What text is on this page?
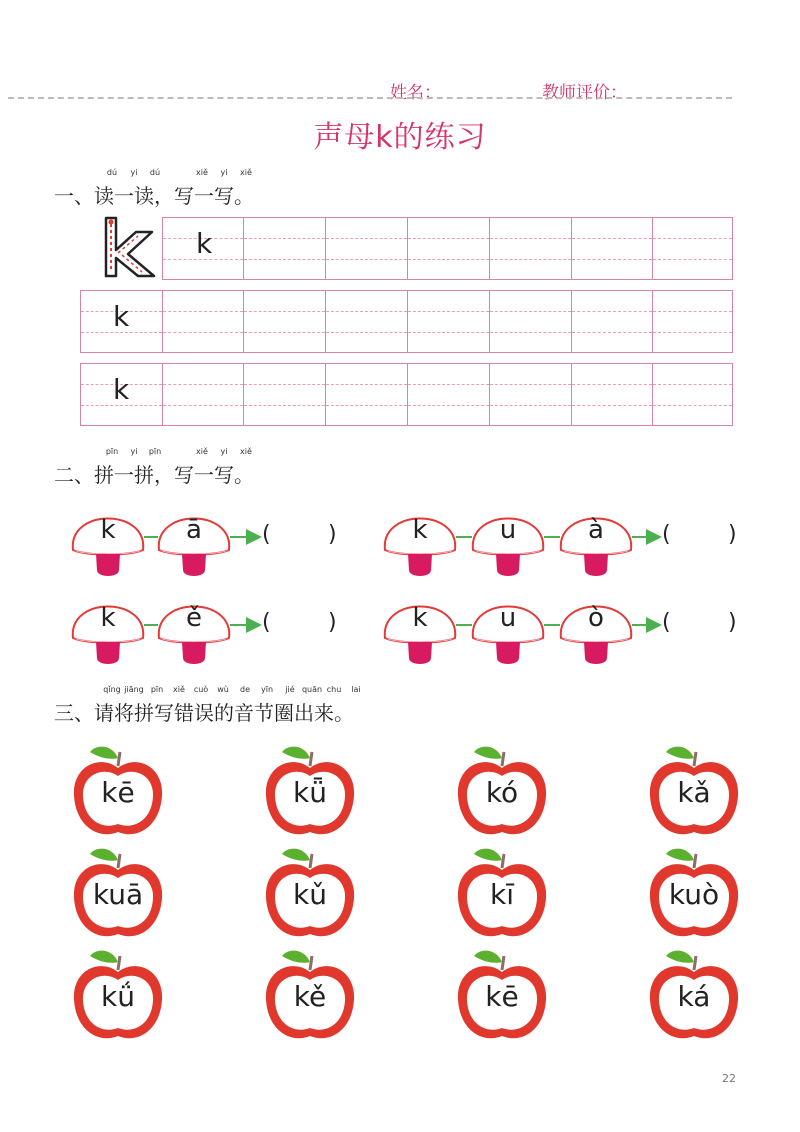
姓名：	教师评价：
声母k的练习
dú yi dú	xiě yi xiě
一、读一读，写一写。
k
k
k
pīn yi pīn	xiě yi xiě
二、拼一拼，写一写。
k	ā	k	u	à
k	ě	k	u	ò
(	)	(	)
(	)	(	)
qǐng jiāng pīn xiě cuò wù de yīn jié quān chu lai
三、请将拼写错误的音节圈出来。
kē	kǖ	kó	kǎ
kuā	kǔ	kī	kuò
kǘ	kě	kē	ká
22
